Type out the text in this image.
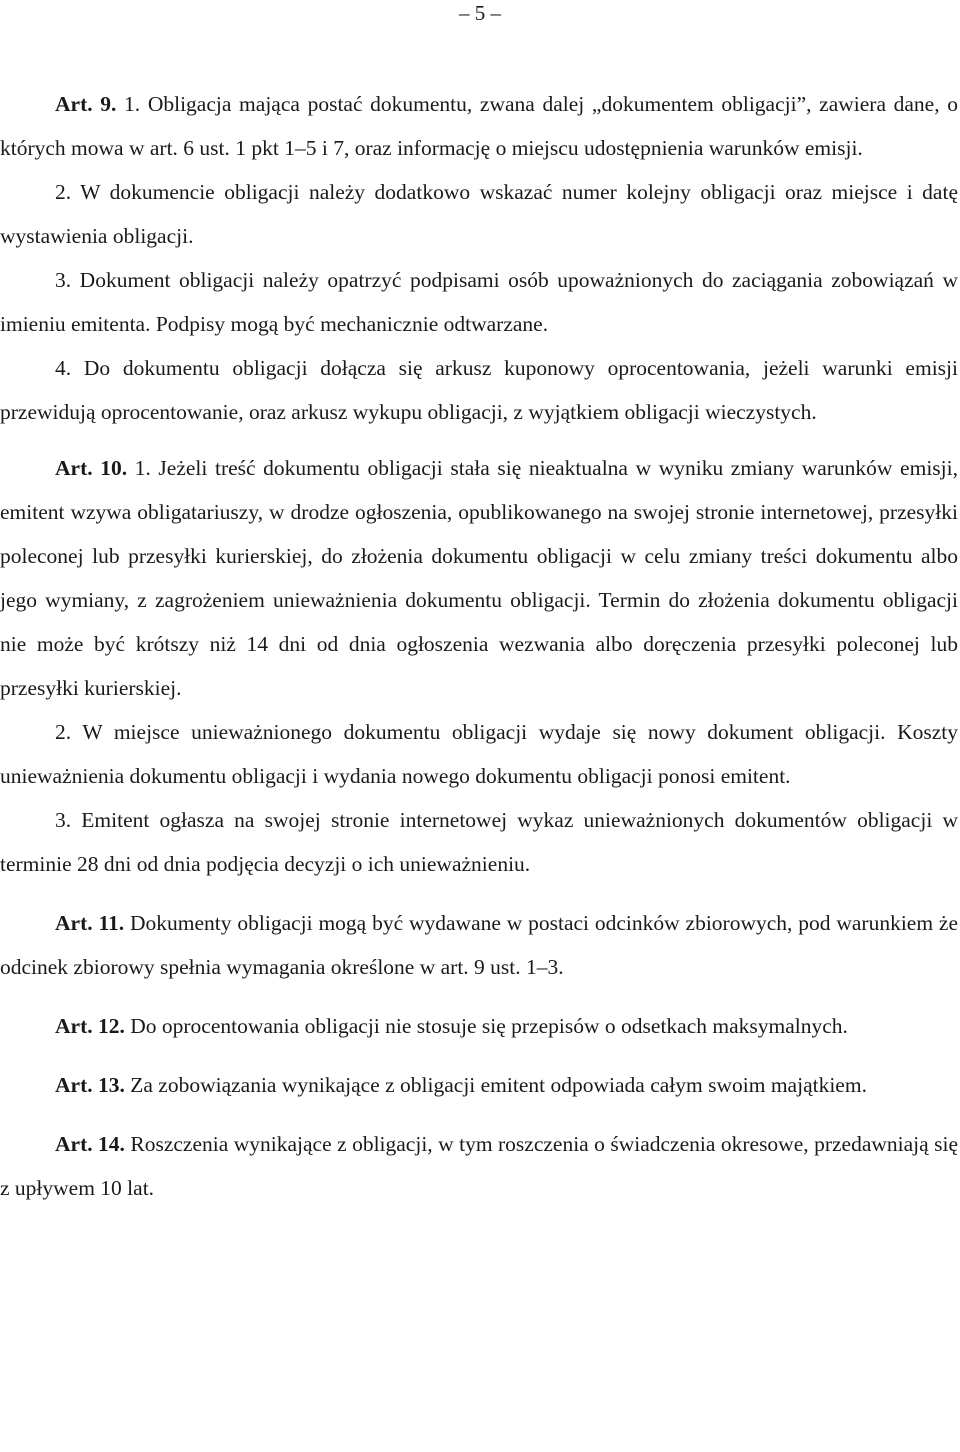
– 5 –

Art. 9. 1. Obligacja mająca postać dokumentu, zwana dalej „dokumentem obligacji”, zawiera dane, o których mowa w art. 6 ust. 1 pkt 1–5 i 7, oraz informację o miejscu udostępnienia warunków emisji.

2. W dokumencie obligacji należy dodatkowo wskazać numer kolejny obligacji oraz miejsce i datę wystawienia obligacji.

3. Dokument obligacji należy opatrzyć podpisami osób upoważnionych do zaciągania zobowiązań w imieniu emitenta. Podpisy mogą być mechanicznie odtwarzane.

4. Do dokumentu obligacji dołącza się arkusz kuponowy oprocentowania, jeżeli warunki emisji przewidują oprocentowanie, oraz arkusz wykupu obligacji, z wyjątkiem obligacji wieczystych.

Art. 10. 1. Jeżeli treść dokumentu obligacji stała się nieaktualna w wyniku zmiany warunków emisji, emitent wzywa obligatariuszy, w drodze ogłoszenia, opublikowanego na swojej stronie internetowej, przesyłki poleconej lub przesyłki kurierskiej, do złożenia dokumentu obligacji w celu zmiany treści dokumentu albo jego wymiany, z zagrożeniem unieważnienia dokumentu obligacji. Termin do złożenia dokumentu obligacji nie może być krótszy niż 14 dni od dnia ogłoszenia wezwania albo doręczenia przesyłki poleconej lub przesyłki kurierskiej.

2. W miejsce unieważnionego dokumentu obligacji wydaje się nowy dokument obligacji. Koszty unieważnienia dokumentu obligacji i wydania nowego dokumentu obligacji ponosi emitent.

3. Emitent ogłasza na swojej stronie internetowej wykaz unieważnionych dokumentów obligacji w terminie 28 dni od dnia podjęcia decyzji o ich unieważnieniu.

Art. 11. Dokumenty obligacji mogą być wydawane w postaci odcinków zbiorowych, pod warunkiem że odcinek zbiorowy spełnia wymagania określone w art. 9 ust. 1–3.

Art. 12. Do oprocentowania obligacji nie stosuje się przepisów o odsetkach maksymalnych.

Art. 13. Za zobowiązania wynikające z obligacji emitent odpowiada całym swoim majątkiem.

Art. 14. Roszczenia wynikające z obligacji, w tym roszczenia o świadczenia okresowe, przedawniają się z upływem 10 lat.
